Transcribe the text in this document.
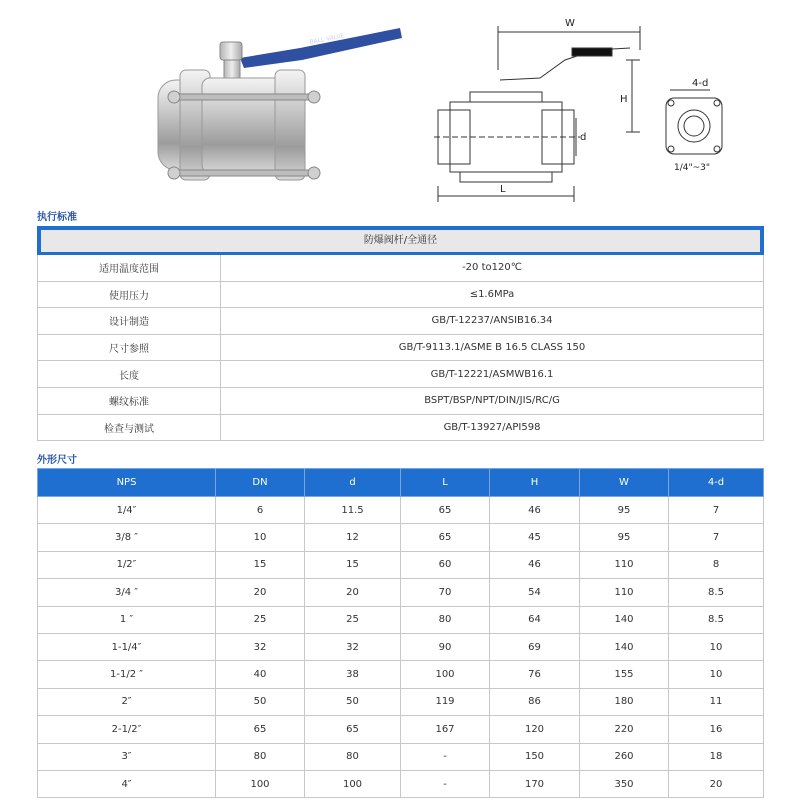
BALL VALVE
W
H
d
L
4-d
1/4"~3"
执行标准
防爆阀杆/全通径	

适用温度范围	-20 to120℃
使用压力	≤1.6MPa
设计制造	GB/T-12237/ANSIB16.34
尺寸参照	GB/T-9113.1/ASME B 16.5 CLASS 150
长度	GB/T-12221/ASMWB16.1
螺纹标准	BSPT/BSP/NPT/DIN/JIS/RC/G
检查与测试	GB/T-13927/API598
外形尺寸
NPS	DN	d	L	H	W	4-d
1/4″	6	11.5	65	46	95	7
3/8 ″	10	12	65	45	95	7
1/2″	15	15	60	46	110	8
3/4 ″	20	20	70	54	110	8.5
1 ″	25	25	80	64	140	8.5
1-1/4″	32	32	90	69	140	10
1-1/2 ″	40	38	100	76	155	10
2″	50	50	119	86	180	11
2-1/2″	65	65	167	120	220	16
3″	80	80	-	150	260	18
4″	100	100	-	170	350	20
